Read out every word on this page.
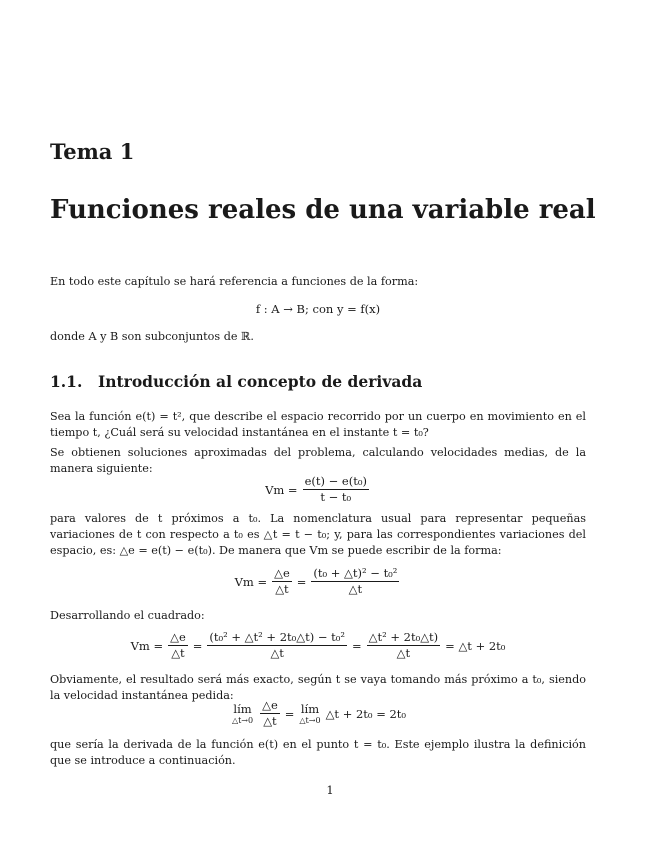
Tema 1
Funciones reales de una variable real

En todo este capítulo se hará referencia a funciones de la forma:

f : A → B; con y = f(x)

donde A y B son subconjuntos de ℝ.

1.1. Introducción al concepto de derivada

Sea la función e(t) = t², que describe el espacio recorrido por un cuerpo en movimiento en el tiempo t, ¿Cuál será su velocidad instantánea en el instante t = t₀?

Se obtienen soluciones aproximadas del problema, calculando velocidades medias, de la manera siguiente:

$Vm = \frac{\text{e(t) − e(t₀)}}{\text{t − t₀}}$

para valores de t próximos a t₀. La nomenclatura usual para representar pequeñas variaciones de t con respecto a t₀ es △t = t − t₀; y, para las correspondientes variaciones del espacio, es: △e = e(t) − e(t₀). De manera que Vm se puede escribir de la forma:

$Vm = \frac{\triangle e}{\triangle t} = \frac{\text{(t₀ + △t)² − t₀²}}{\triangle t}$

Desarrollando el cuadrado:

$Vm = \frac{\triangle e}{\triangle t} = \frac{\text{(t₀² + △t² + 2t₀△t) − t₀²}}{\triangle t} = \frac{\text{△t² + 2t₀△t)}}{\triangle t}$ = △t + 2t₀

Obviamente, el resultado será más exacto, según t se vaya tomando más próximo a t₀, siendo la velocidad instantánea pedida:

lím
△t→0 $\frac{\triangle e}{\triangle t}$ = lím
△t→0 △t + 2t₀ = 2t₀

que sería la derivada de la función e(t) en el punto t = t₀. Este ejemplo ilustra la definición que se introduce a continuación.

1
